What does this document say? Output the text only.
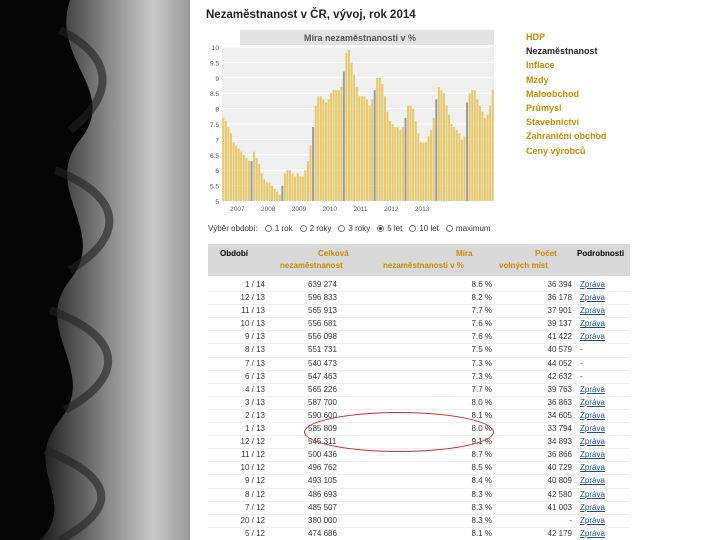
Nezaměstnanost v ČR, vývoj, rok 2014
Míra nezaměstnanosti v %
10
9.5
9
8.5
8
7.5
7
6.5
6
5.5
5
2007	2008	2009	2010	2011	2012	2013
HDP
Nezaměstnanost
Inflace
Mzdy
Maloobchod
Průmysl
Stavebnictví
Zahraniční obchod
Ceny výrobců
Výběr období: 1 rok 2 roky 3 roky 5 let 10 let maximum
Období	Celková
nezaměstnanost
Míra
nezaměstnanosti v %
Počet
volných míst
Podrobnosti
1 / 14	639 274	8.6 %	36 394 Zpráva
12 / 13	596 833	8.2 %	36 178 Zpráva
11 / 13	565 913	7.7 %	37 901 Zpráva
10 / 13	556 681	7.6 %	39 137 Zpráva
9 / 13	556 098	7.6 %	41 422 Zpráva
8 / 13	551 731	7.5 %	40 579 -
7 / 13	540 473	7.3 %	44 052 -
6 / 13	547 463	7.3 %	42 632 -
4 / 13	565 226	7.7 %	39 763 Zpráva
3 / 13	587 700	8.0 %	36 863 Zpráva
2 / 13	590 600	8.1 %	34 605 Zpráva
1 / 13	585 809	8.0 %	33 794 Zpráva
12 / 12	545 311	9.1 %	34 893 Zpráva
11 / 12	500 436	8.7 %	36 866 Zpráva
10 / 12	496 762	8.5 %	40 729 Zpráva
9 / 12	493 105	8.4 %	40 809 Zpráva
8 / 12	486 693	8.3 %	42 580 Zpráva
7 / 12	485 507	8.3 %	41 003 Zpráva
20 / 12	380 000	8.3 %	- Zpráva
5 / 12	474 686	8.1 %	42 179 Zpráva
